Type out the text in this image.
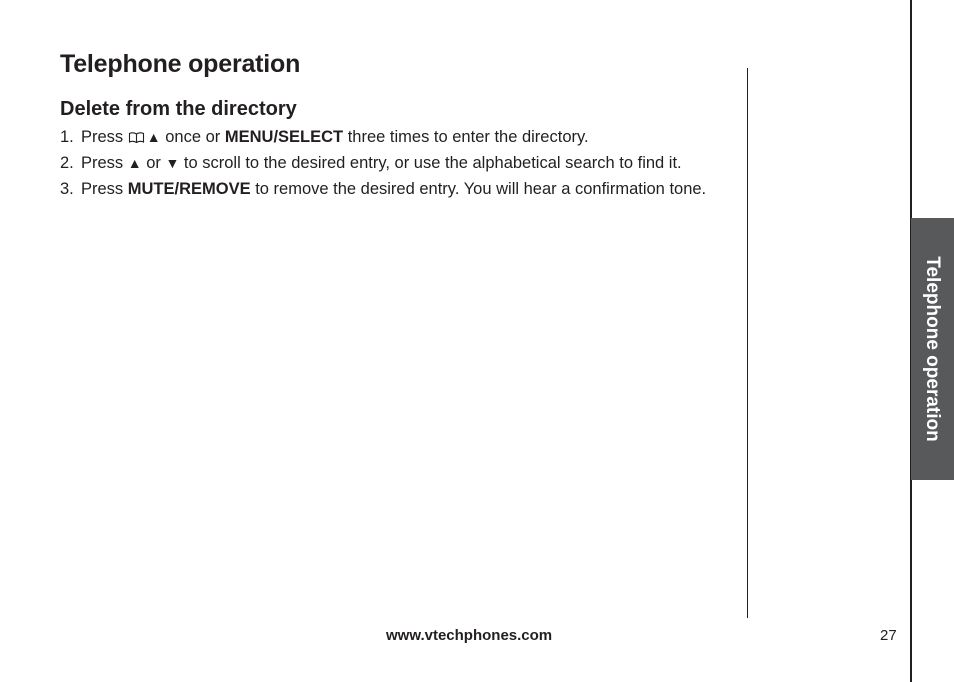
Telephone operation
Delete from the directory
1. Press ▲ once or MENU/SELECT three times to enter the directory.
2. Press ▲ or ▼ to scroll to the desired entry, or use the alphabetical search to find it.
3. Press MUTE/REMOVE to remove the desired entry. You will hear a confirmation tone.
Telephone operation

www.vtechphones.com	27
